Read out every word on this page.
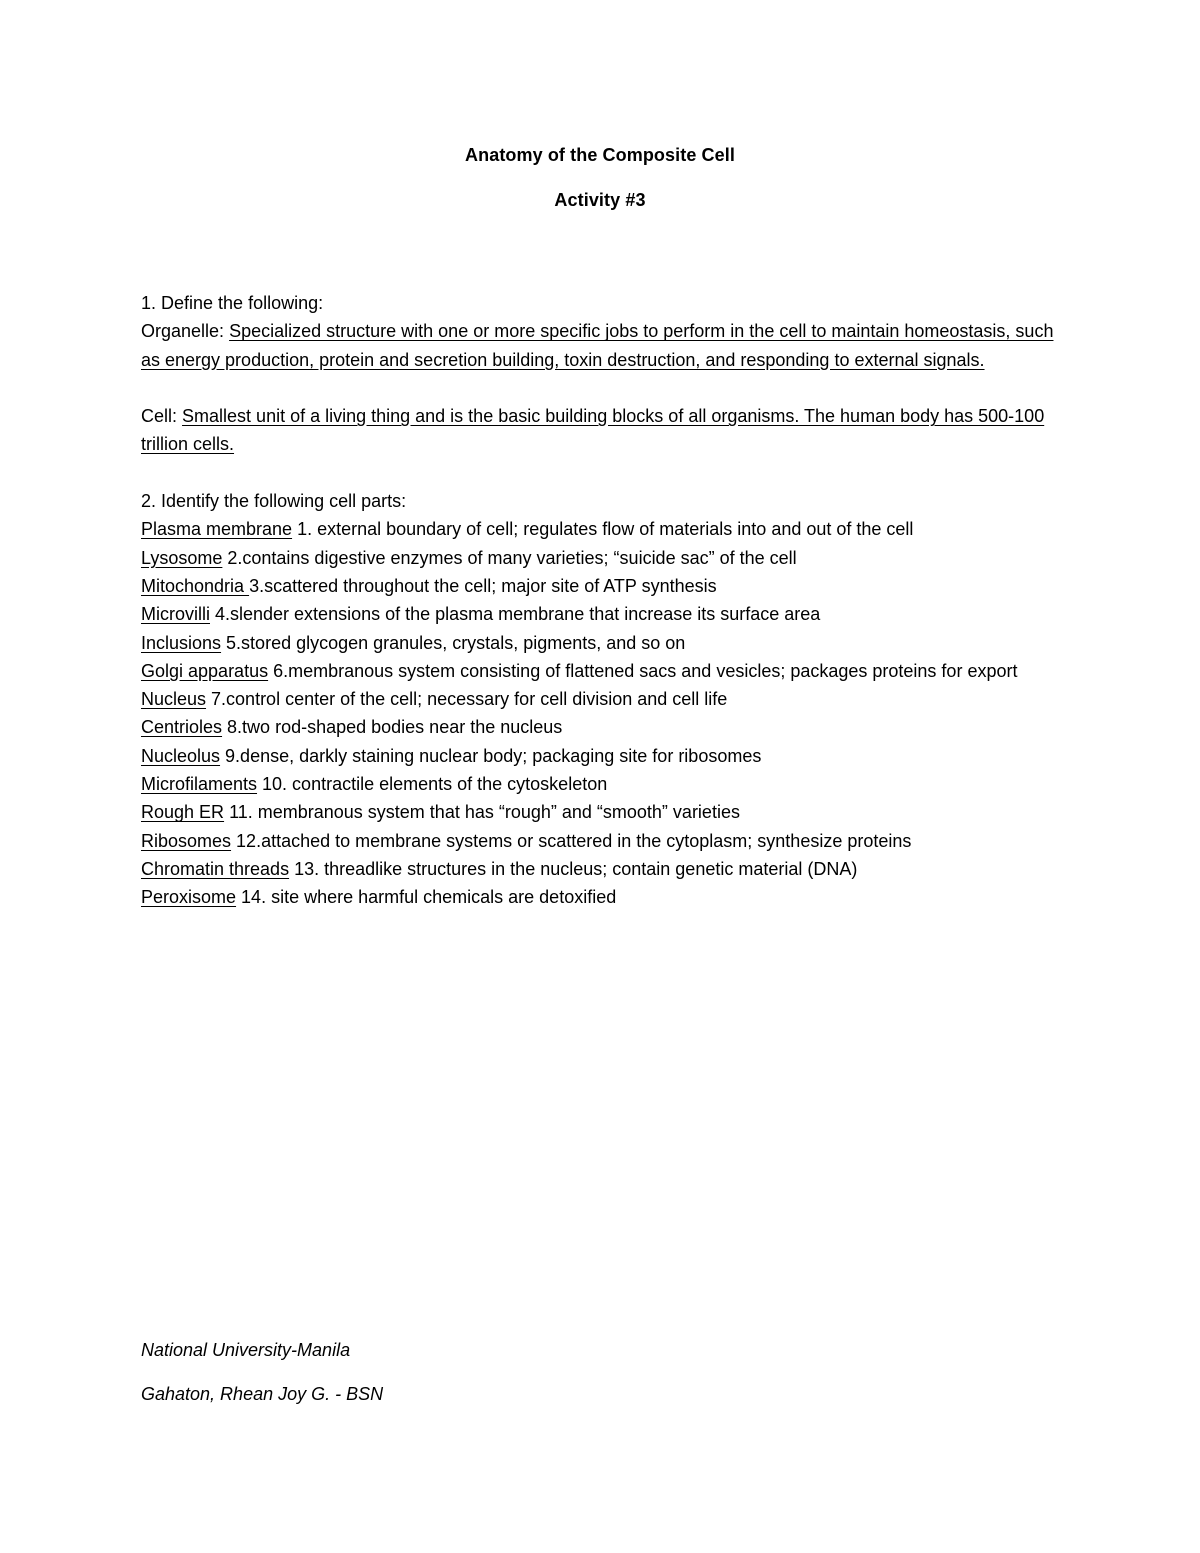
Anatomy of the Composite Cell
Activity #3

1. Define the following:

Organelle: Specialized structure with one or more specific jobs to perform in the cell to maintain homeostasis, such as energy production, protein and secretion building, toxin destruction, and responding to external signals.

Cell: Smallest unit of a living thing and is the basic building blocks of all organisms. The human body has 500-100 trillion cells.

2. Identify the following cell parts:

Plasma membrane 1. external boundary of cell; regulates flow of materials into and out of the cell

Lysosome 2.contains digestive enzymes of many varieties; “suicide sac” of the cell

Mitochondria 3.scattered throughout the cell; major site of ATP synthesis

Microvilli 4.slender extensions of the plasma membrane that increase its surface area

Inclusions 5.stored glycogen granules, crystals, pigments, and so on

Golgi apparatus 6.membranous system consisting of flattened sacs and vesicles; packages proteins for export

Nucleus 7.control center of the cell; necessary for cell division and cell life

Centrioles 8.two rod-shaped bodies near the nucleus

Nucleolus 9.dense, darkly staining nuclear body; packaging site for ribosomes

Microfilaments 10. contractile elements of the cytoskeleton

Rough ER 11. membranous system that has “rough” and “smooth” varieties

Ribosomes 12.attached to membrane systems or scattered in the cytoplasm; synthesize proteins

Chromatin threads 13. threadlike structures in the nucleus; contain genetic material (DNA)

Peroxisome 14. site where harmful chemicals are detoxified

National University-Manila
Gahaton, Rhean Joy G. - BSN
